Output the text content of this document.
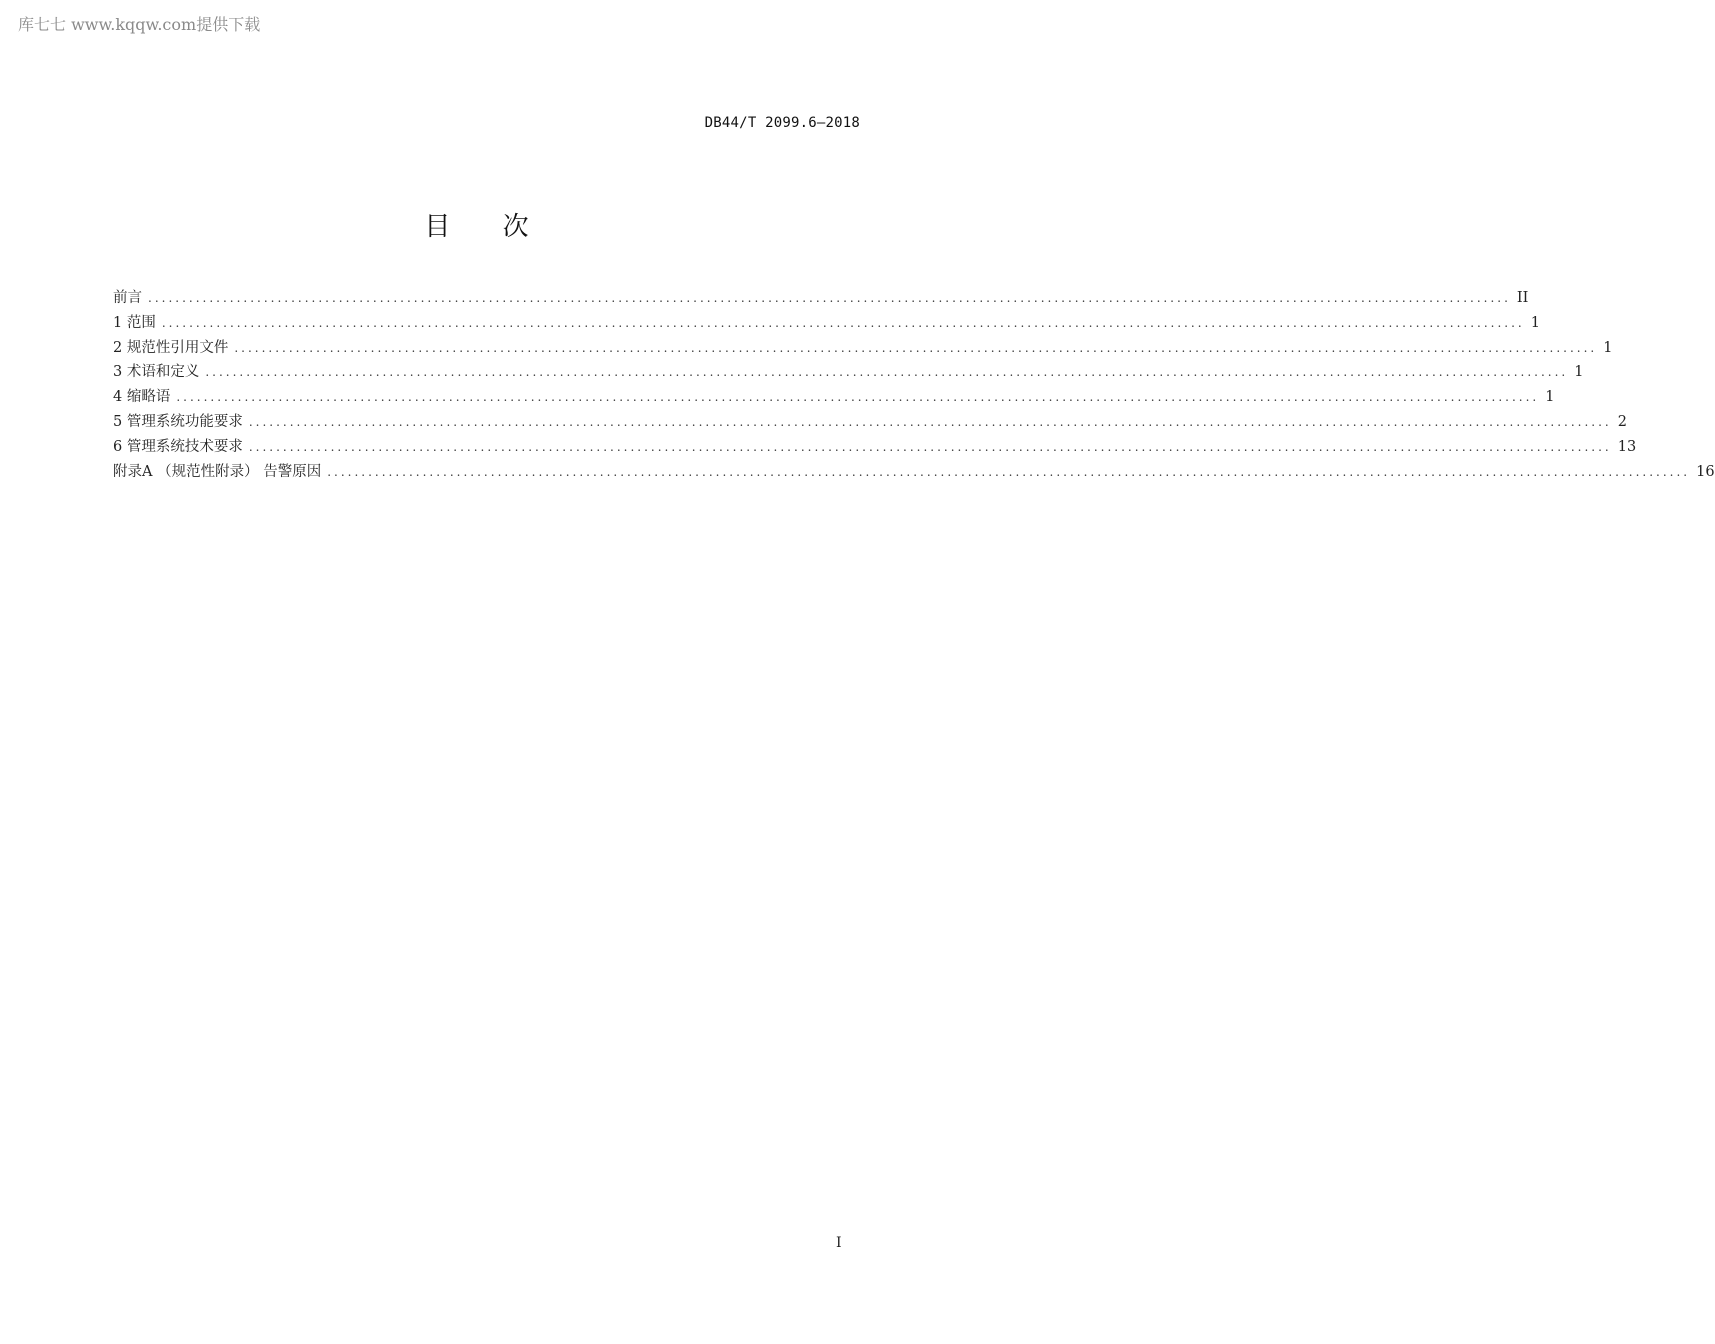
库七七 www.kqqw.com提供下载
DB44/T 2099.6—2018
目 次
前言 ........................................................................................................................................................................................................ II
1 范围 ........................................................................................................................................................................................................ 1
2 规范性引用文件 ........................................................................................................................................................................................................ 1
3 术语和定义 ........................................................................................................................................................................................................ 1
4 缩略语 ........................................................................................................................................................................................................ 1
5 管理系统功能要求 ........................................................................................................................................................................................................ 2
6 管理系统技术要求 ........................................................................................................................................................................................................ 13
附录A （规范性附录） 告警原因 ........................................................................................................................................................................................................ 16
I
